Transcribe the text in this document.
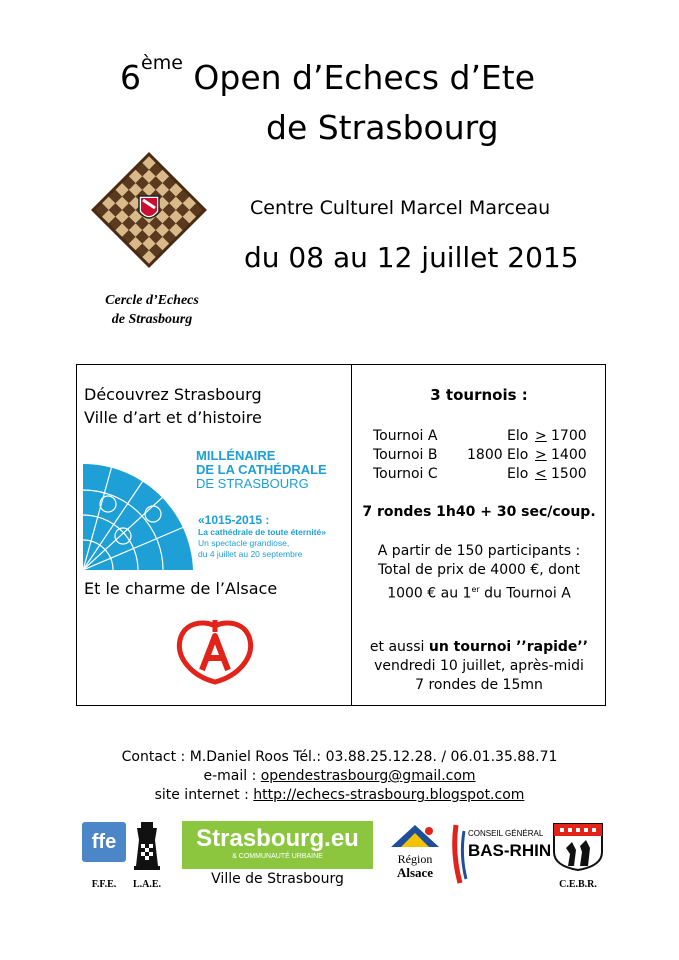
6ème Open d’Echecs d’Ete
de Strasbourg
Centre Culturel Marcel Marceau
du 08 au 12 juillet 2015
Cercle d’Echecs
de Strasbourg
Découvrez Strasbourg
Ville d’art et d’histoire
MILLÉNAIRE
DE LA CATHÉDRALE
DE STRASBOURG
«1015-2015 :
La cathédrale de toute éternité»
Un spectacle grandiose,
du 4 juillet au 20 septembre
Et le charme de l’Alsace
3 tournois :
Tournoi A	Elo > 1700
Tournoi B 1800 Elo > 1400
Tournoi C	Elo < 1500
7 rondes 1h40 + 30 sec/coup.
A partir de 150 participants :
Total de prix de 4000 €, dont
1000 € au 1er du Tournoi A
et aussi un tournoi ’’rapide’’
vendredi 10 juillet, après-midi
7 rondes de 15mn
Contact : M.Daniel Roos Tél.: 03.88.25.12.28. / 06.01.35.88.71
e-mail : opendestrasbourg@gmail.com
site internet : http://echecs-strasbourg.blogspot.com
ffe
F.F.E.	L.A.E.
Strasbourg.eu
& COMMUNAUTÉ URBAINE
Ville de Strasbourg
Région
Alsace
CONSEIL GÉNÉRAL
BAS-RHIN
C.E.B.R.
